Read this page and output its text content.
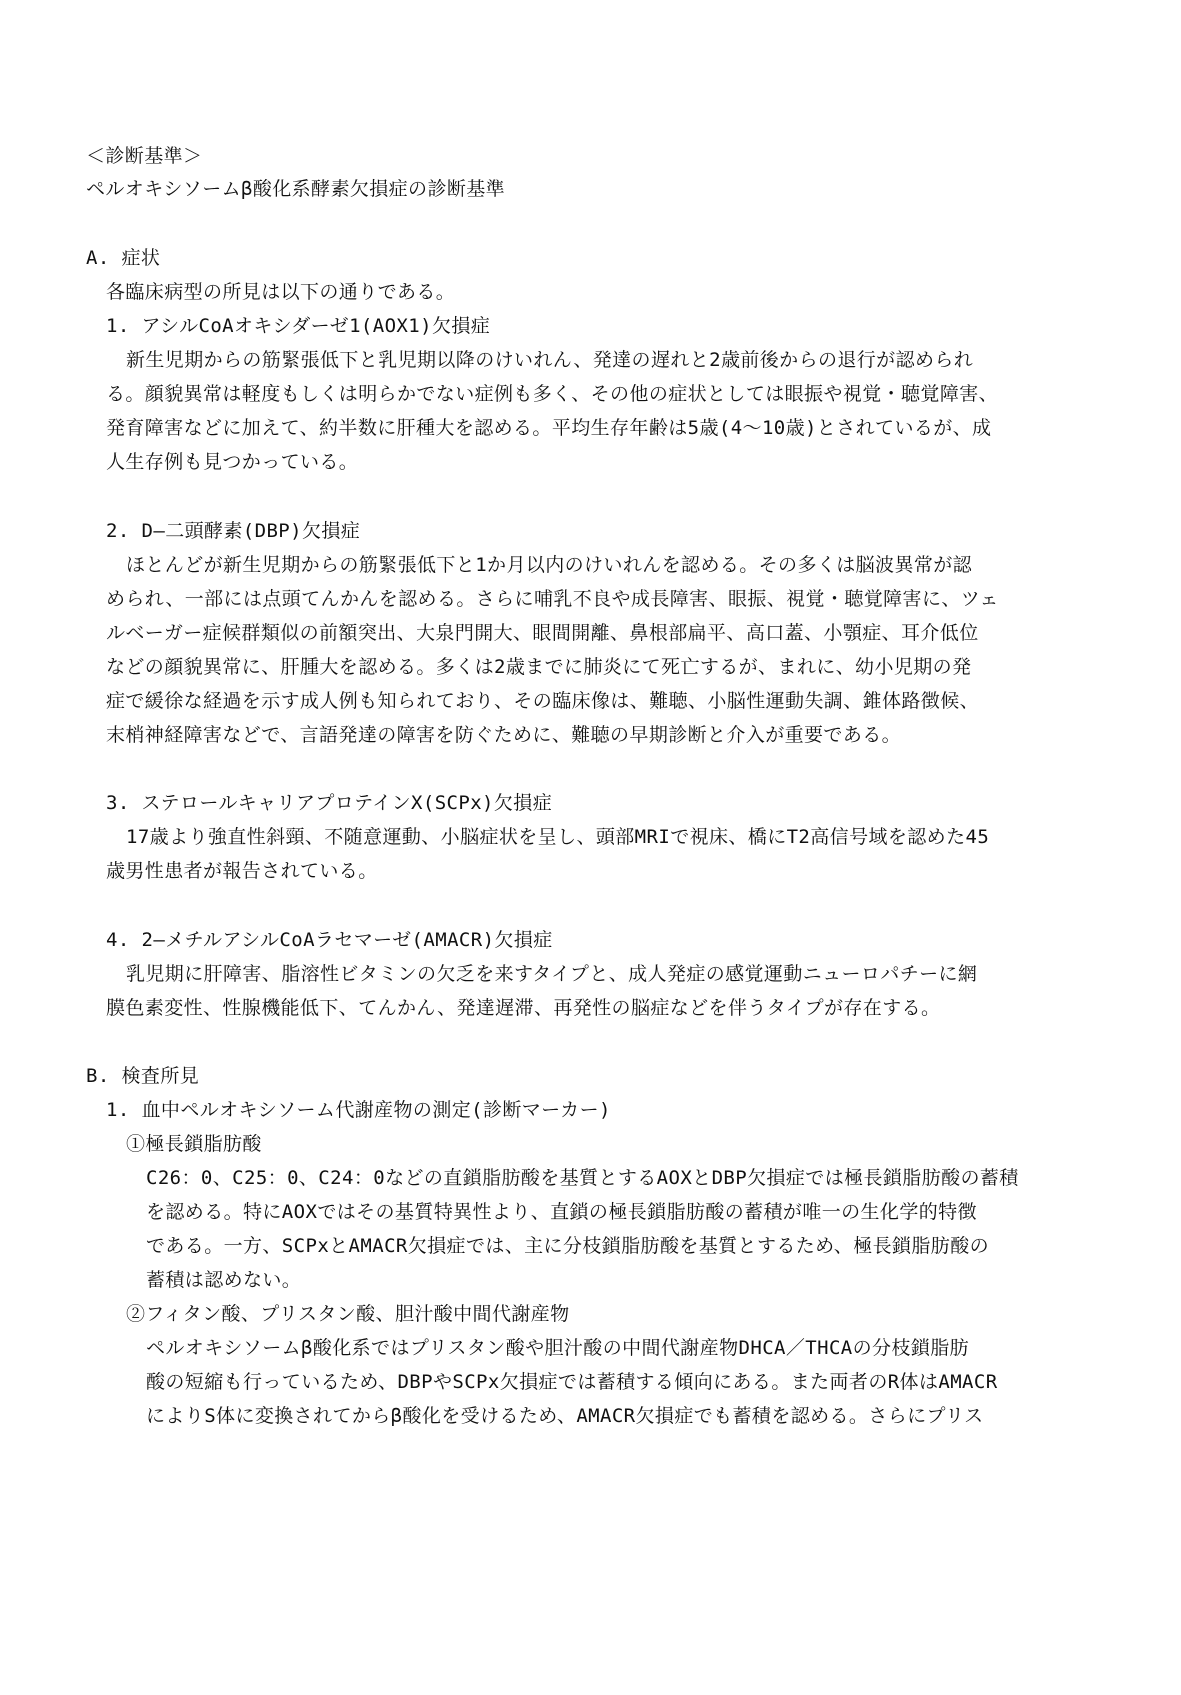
＜診断基準＞
ペルオキシソームβ酸化系酵素欠損症の診断基準
A. 症状
各臨床病型の所見は以下の通りである。
1. アシルCoAオキシダーゼ1(AOX1)欠損症
新生児期からの筋緊張低下と乳児期以降のけいれん、発達の遅れと2歳前後からの退行が認められ
る。顔貌異常は軽度もしくは明らかでない症例も多く、その他の症状としては眼振や視覚・聴覚障害、
発育障害などに加えて、約半数に肝種大を認める。平均生存年齢は5歳(4～10歳)とされているが、成
人生存例も見つかっている。
2. D―二頭酵素(DBP)欠損症
ほとんどが新生児期からの筋緊張低下と1か月以内のけいれんを認める。その多くは脳波異常が認
められ、一部には点頭てんかんを認める。さらに哺乳不良や成長障害、眼振、視覚・聴覚障害に、ツェ
ルベーガー症候群類似の前額突出、大泉門開大、眼間開離、鼻根部扁平、高口蓋、小顎症、耳介低位
などの顔貌異常に、肝腫大を認める。多くは2歳までに肺炎にて死亡するが、まれに、幼小児期の発
症で緩徐な経過を示す成人例も知られており、その臨床像は、難聴、小脳性運動失調、錐体路徴候、
末梢神経障害などで、言語発達の障害を防ぐために、難聴の早期診断と介入が重要である。
3. ステロールキャリアプロテインX(SCPx)欠損症
17歳より強直性斜頸、不随意運動、小脳症状を呈し、頭部MRIで視床、橋にT2高信号域を認めた45
歳男性患者が報告されている。
4. 2―メチルアシルCoAラセマーゼ(AMACR)欠損症
乳児期に肝障害、脂溶性ビタミンの欠乏を来すタイプと、成人発症の感覚運動ニューロパチーに網
膜色素変性、性腺機能低下、てんかん、発達遅滞、再発性の脳症などを伴うタイプが存在する。
B. 検査所見
1. 血中ペルオキシソーム代謝産物の測定(診断マーカー)
①極長鎖脂肪酸
C26：0、C25：0、C24：0などの直鎖脂肪酸を基質とするAOXとDBP欠損症では極長鎖脂肪酸の蓄積
を認める。特にAOXではその基質特異性より、直鎖の極長鎖脂肪酸の蓄積が唯一の生化学的特徴
である。一方、SCPxとAMACR欠損症では、主に分枝鎖脂肪酸を基質とするため、極長鎖脂肪酸の
蓄積は認めない。
②フィタン酸、プリスタン酸、胆汁酸中間代謝産物
ペルオキシソームβ酸化系ではプリスタン酸や胆汁酸の中間代謝産物DHCA／THCAの分枝鎖脂肪
酸の短縮も行っているため、DBPやSCPx欠損症では蓄積する傾向にある。また両者のR体はAMACR
によりS体に変換されてからβ酸化を受けるため、AMACR欠損症でも蓄積を認める。さらにプリス
